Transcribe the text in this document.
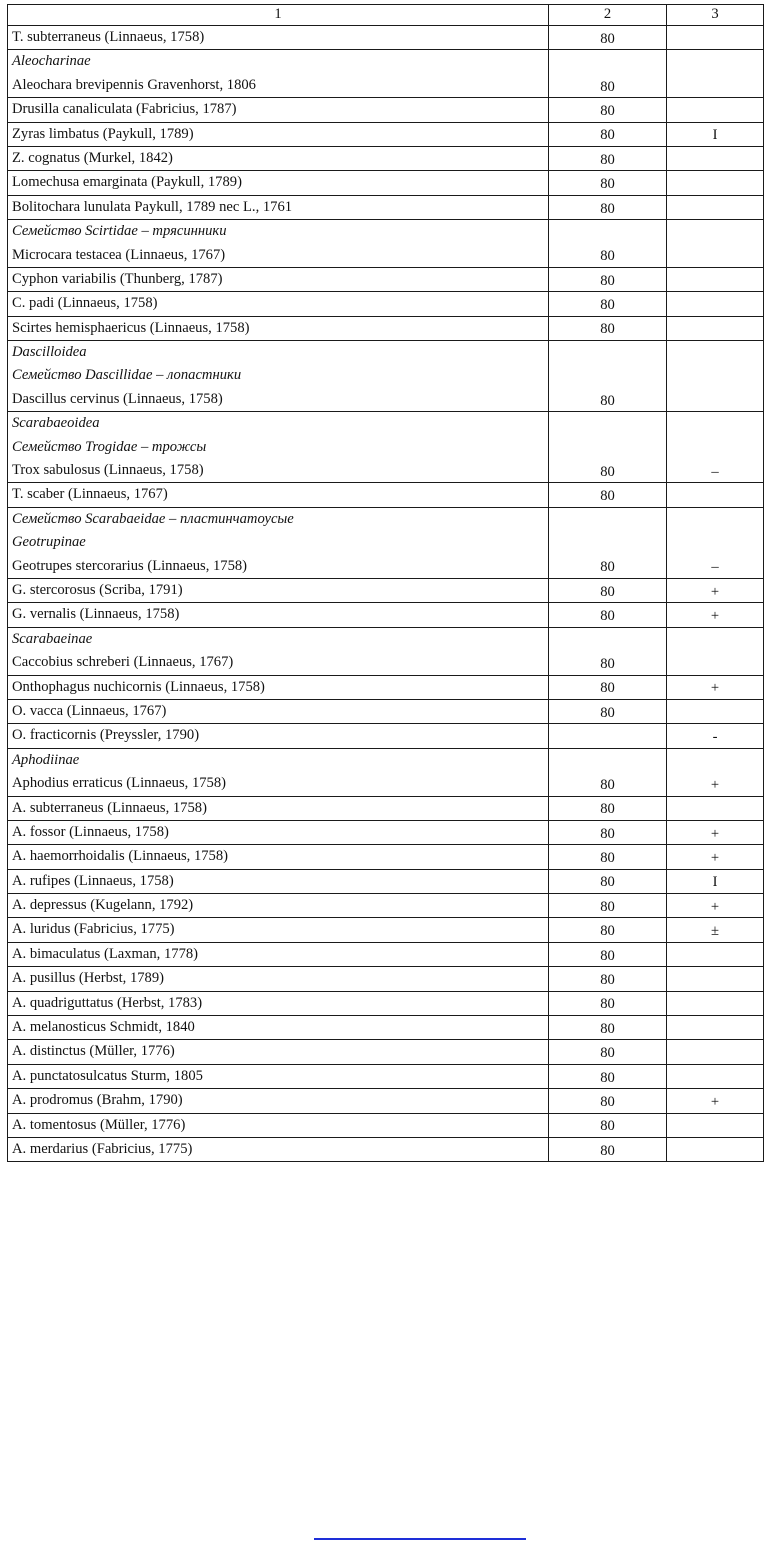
1	2	3

T. subterraneus (Linnaeus, 1758)	80	

Aleocharinae
Aleochara brevipennis Gravenhorst, 1806	80	

Drusilla canaliculata (Fabricius, 1787)	80	

Zyras limbatus (Paykull, 1789)	80	I

Z. cognatus (Murkel, 1842)	80	

Lomechusa emarginata (Paykull, 1789)	80	

Bolitochara lunulata Paykull, 1789 nec L., 1761	80	

Семейство Scirtidae – трясинники
Microcara testacea (Linnaeus, 1767)	80	

Cyphon variabilis (Thunberg, 1787)	80	

C. padi (Linnaeus, 1758)	80	

Scirtes hemisphaericus (Linnaeus, 1758)	80	

Dascilloidea
Семейство Dascillidae – лопастники
Dascillus cervinus (Linnaeus, 1758)	80	

Scarabaeoidea
Семейство Trogidae – трожсы
Trox sabulosus (Linnaeus, 1758)	80	–

T. scaber (Linnaeus, 1767)	80	

Семейство Scarabaeidae – пластинчатоусые
Geotrupinae
Geotrupes stercorarius (Linnaeus, 1758)	80	–

G. stercorosus (Scriba, 1791)	80	+

G. vernalis (Linnaeus, 1758)	80	+

Scarabaeinae
Caccobius schreberi (Linnaeus, 1767)	80	

Onthophagus nuchicornis (Linnaeus, 1758)	80	+

O. vacca (Linnaeus, 1767)	80	

O. fracticornis (Preyssler, 1790)		-

Aphodiinae
Aphodius erraticus (Linnaeus, 1758)	80	+

A. subterraneus (Linnaeus, 1758)	80	

A. fossor (Linnaeus, 1758)	80	+

A. haemorrhoidalis (Linnaeus, 1758)	80	+

A. rufipes (Linnaeus, 1758)	80	I

A. depressus (Kugelann, 1792)	80	+

A. luridus (Fabricius, 1775)	80	±

A. bimaculatus (Laxman, 1778)	80	

A. pusillus (Herbst, 1789)	80	

A. quadriguttatus (Herbst, 1783)	80	

A. melanosticus Schmidt, 1840	80	

A. distinctus (Müller, 1776)	80	

A. punctatosulcatus Sturm, 1805	80	

A. prodromus (Brahm, 1790)	80	+

A. tomentosus (Müller, 1776)	80	

A. merdarius (Fabricius, 1775)	80	
